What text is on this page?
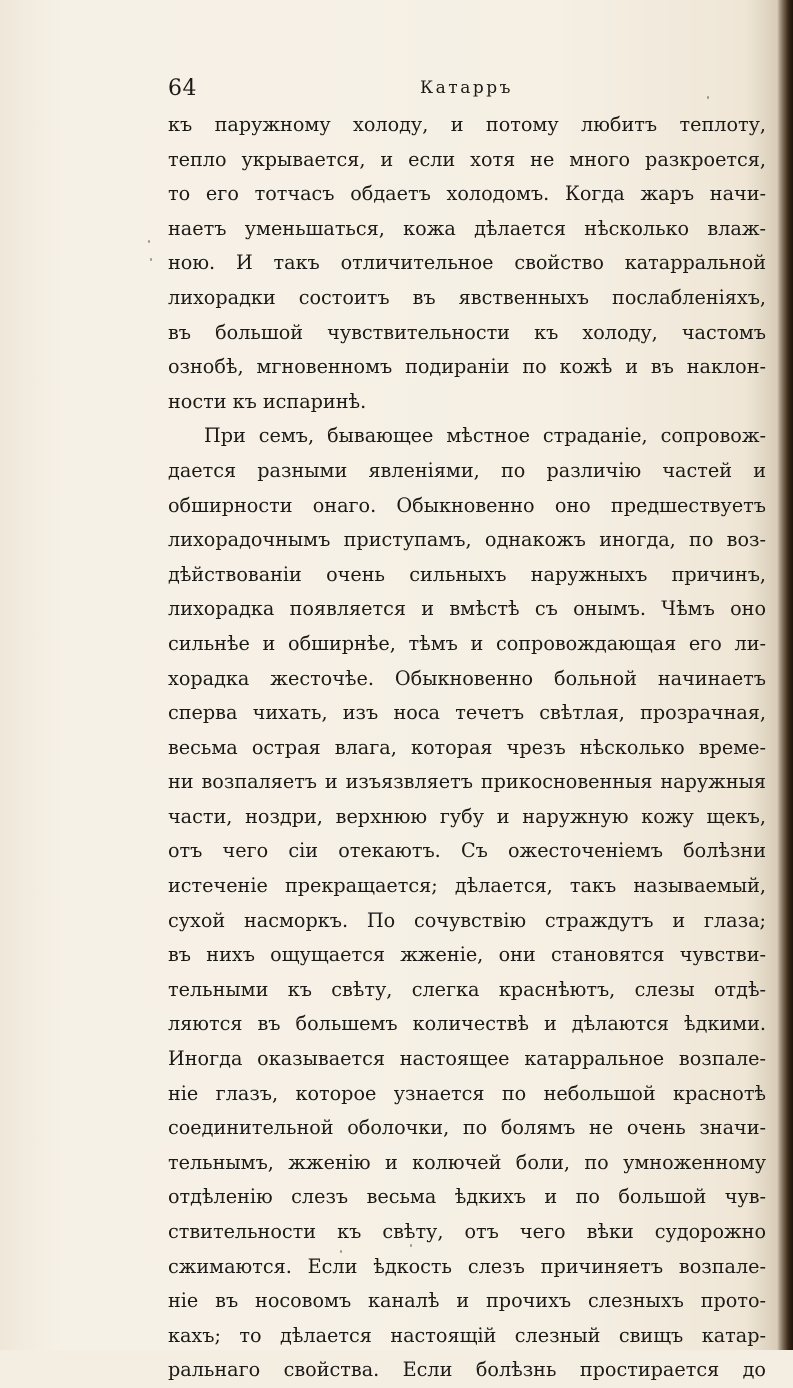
64	Катарръ
къ паружному холоду, и потому любитъ теплоту,
тепло укрывается, и если хотя не много разкроется,
то его тотчасъ обдаетъ холодомъ. Когда жаръ начи-
наетъ уменьшаться, кожа дѣлается нѣсколько влаж-
ною. И такъ отличительное свойство катарральной
лихорадки состоитъ въ явственныхъ послабленіяхъ,
въ большой чувствительности къ холоду, частомъ
ознобѣ, мгновенномъ подираніи по кожѣ и въ наклон-
ности къ испаринѣ.
При семъ, бывающее мѣстное страданіе, сопровож-
дается разными явленіями, по различію частей и
обширности онаго. Обыкновенно оно предшествуетъ
лихорадочнымъ приступамъ, однакожъ иногда, по воз-
дѣйствованіи очень сильныхъ наружныхъ причинъ,
лихорадка появляется и вмѣстѣ съ онымъ. Чѣмъ оно
сильнѣе и обширнѣе, тѣмъ и сопровождающая его ли-
хорадка жесточѣе. Обыкновенно больной начинаетъ
сперва чихать, изъ носа течетъ свѣтлая, прозрачная,
весьма острая влага, которая чрезъ нѣсколько време-
ни возпаляетъ и изъязвляетъ прикосновенныя наружныя
части, ноздри, верхнюю губу и наружную кожу щекъ,
отъ чего сіи отекаютъ. Съ ожесточеніемъ болѣзни
истеченіе прекращается; дѣлается, такъ называемый,
сухой насморкъ. По сочувствію страждутъ и глаза;
въ нихъ ощущается жженіе, они становятся чувстви-
тельными къ свѣту, слегка краснѣютъ, слезы отдѣ-
ляются въ большемъ количествѣ и дѣлаются ѣдкими.
Иногда оказывается настоящее катарральное возпале-
ніе глазъ, которое узнается по небольшой краснотѣ
соединительной оболочки, по болямъ не очень значи-
тельнымъ, жженію и колючей боли, по умноженному
отдѣленію слезъ весьма ѣдкихъ и по большой чув-
ствительности къ свѣту, отъ чего вѣки судорожно
сжимаются. Если ѣдкость слезъ причиняетъ возпале-
ніе въ носовомъ каналѣ и прочихъ слезныхъ прото-
кахъ; то дѣлается настоящій слезный свищъ катар-
ральнаго свойства. Если болѣзнь простирается до
